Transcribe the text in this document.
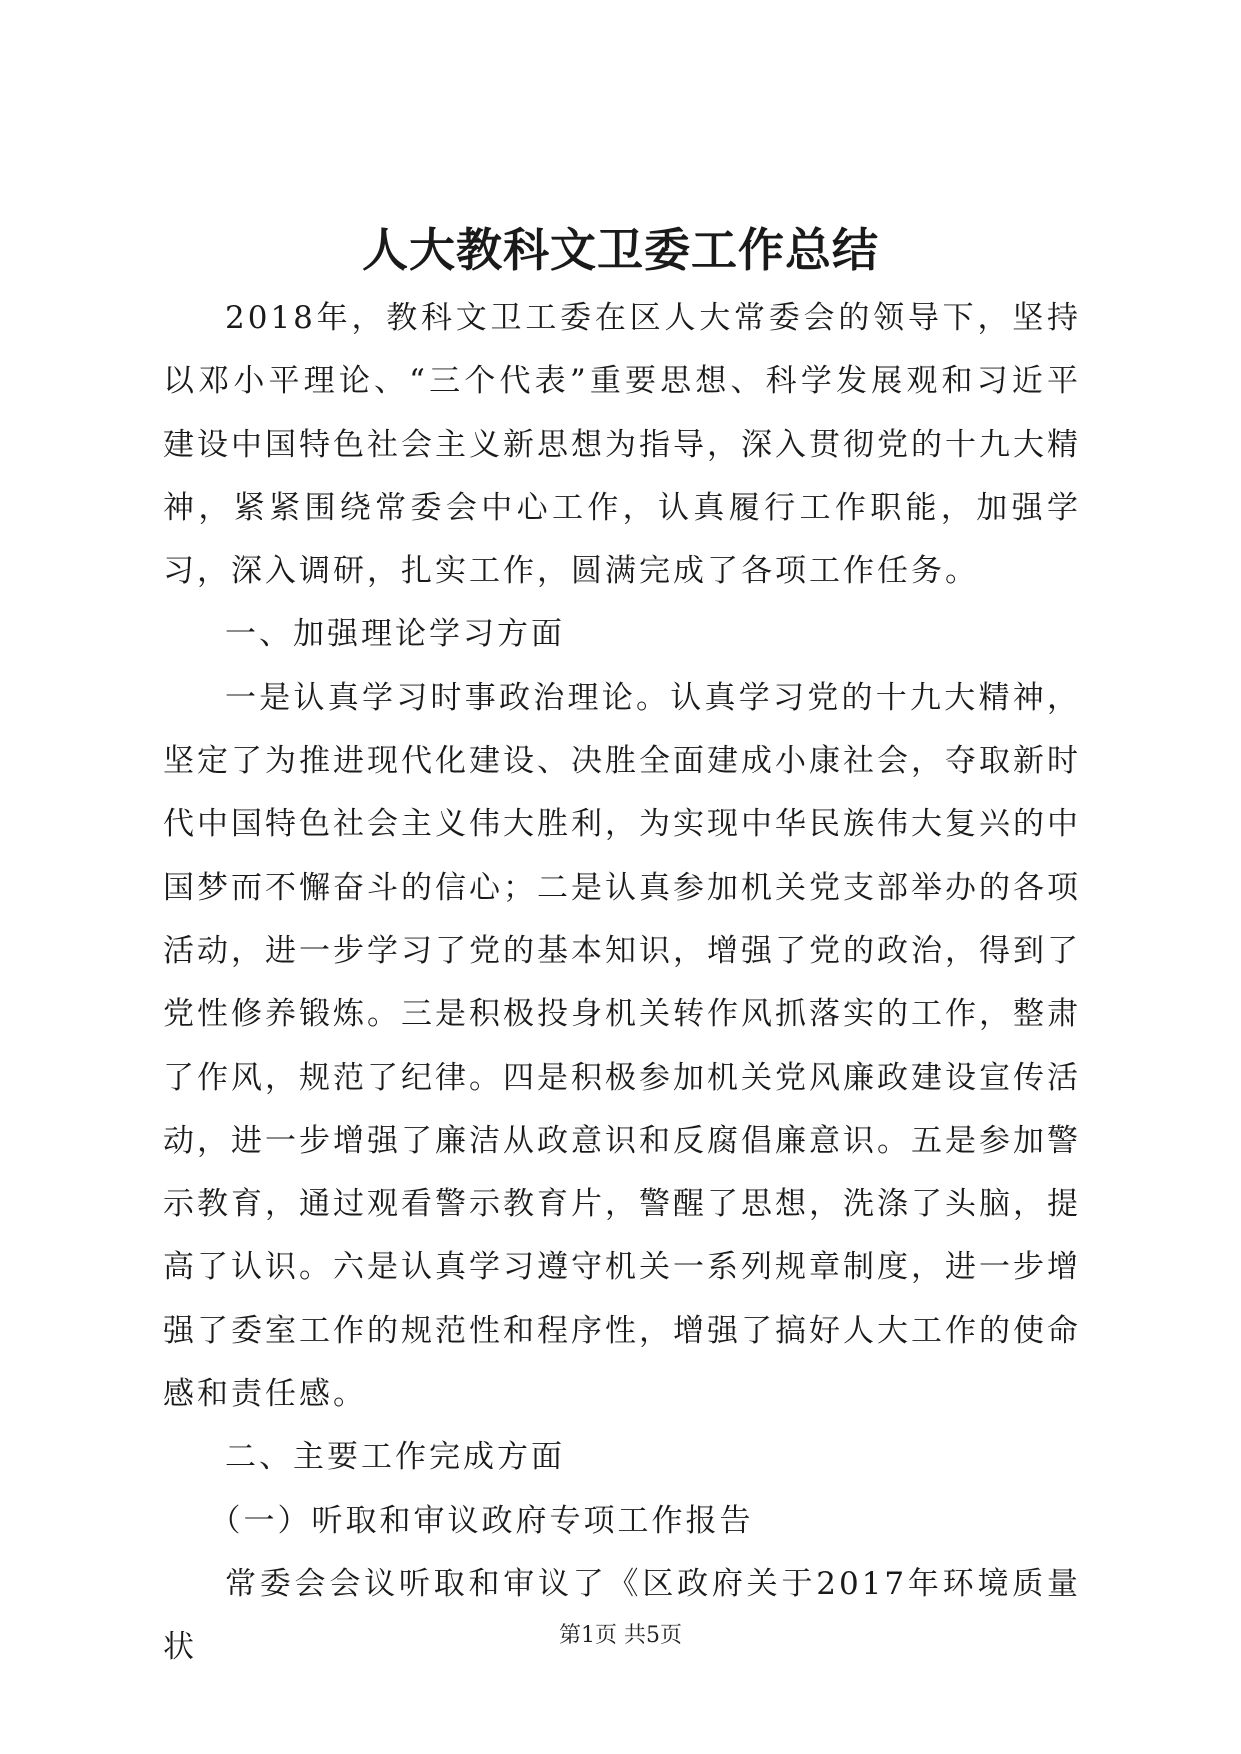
人大教科文卫委工作总结

2018年，教科文卫工委在区人大常委会的领导下，坚持以邓小平理论、“三个代表”重要思想、科学发展观和习近平建设中国特色社会主义新思想为指导，深入贯彻党的十九大精神，紧紧围绕常委会中心工作，认真履行工作职能，加强学习，深入调研，扎实工作，圆满完成了各项工作任务。

一、加强理论学习方面

一是认真学习时事政治理论。认真学习党的十九大精神，坚定了为推进现代化建设、决胜全面建成小康社会，夺取新时代中国特色社会主义伟大胜利，为实现中华民族伟大复兴的中国梦而不懈奋斗的信心；二是认真参加机关党支部举办的各项活动，进一步学习了党的基本知识，增强了党的政治，得到了党性修养锻炼。三是积极投身机关转作风抓落实的工作，整肃了作风，规范了纪律。四是积极参加机关党风廉政建设宣传活动，进一步增强了廉洁从政意识和反腐倡廉意识。五是参加警示教育，通过观看警示教育片，警醒了思想，洗涤了头脑，提高了认识。六是认真学习遵守机关一系列规章制度，进一步增强了委室工作的规范性和程序性，增强了搞好人大工作的使命感和责任感。

二、主要工作完成方面

（一）听取和审议政府专项工作报告

常委会会议听取和审议了《区政府关于2017年环境质量状	第1页 共5页
